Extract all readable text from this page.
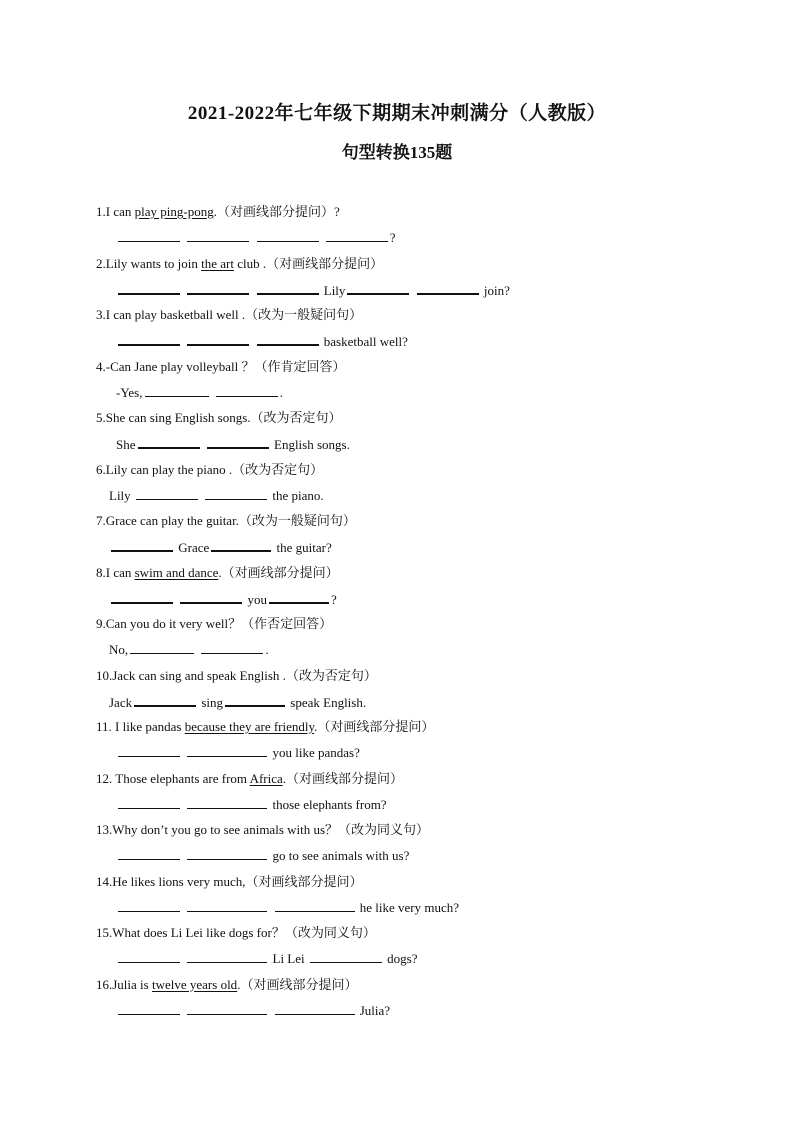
2021-2022年七年级下期期末冲刺满分（人教版）
句型转换135题
1.I can play ping-pong.（对画线部分提问）?
?
2.Lily wants to join the art club .（对画线部分提问）
Lily	join?
3.I can play basketball well .（改为一般疑问句）
basketball well?
4.-Can Jane play volleyball ？（作肯定回答）
-Yes,	.
5.She can sing English songs.（改为否定句）
She	English songs.
6.Lily can play the piano .（改为否定句）
Lily	the piano.
7.Grace can play the guitar.（改为一般疑问句）
Grace	the guitar?
8.I can swim and dance.（对画线部分提问）
you	?
9.Can you do it very well？（作否定回答）
No,	.
10.Jack can sing and speak English .（改为否定句）
Jack	sing	speak English.
11. I like pandas because they are friendly.（对画线部分提问）
you like pandas?
12. Those elephants are from Africa.（对画线部分提问）
those elephants from?
13.Why don’t you go to see animals with us？（改为同义句）
go to see animals with us?
14.He likes lions very much,（对画线部分提问）
he like very much?
15.What does Li Lei like dogs for？（改为同义句）
Li Lei	dogs?
16.Julia is twelve years old.（对画线部分提问）
Julia?
